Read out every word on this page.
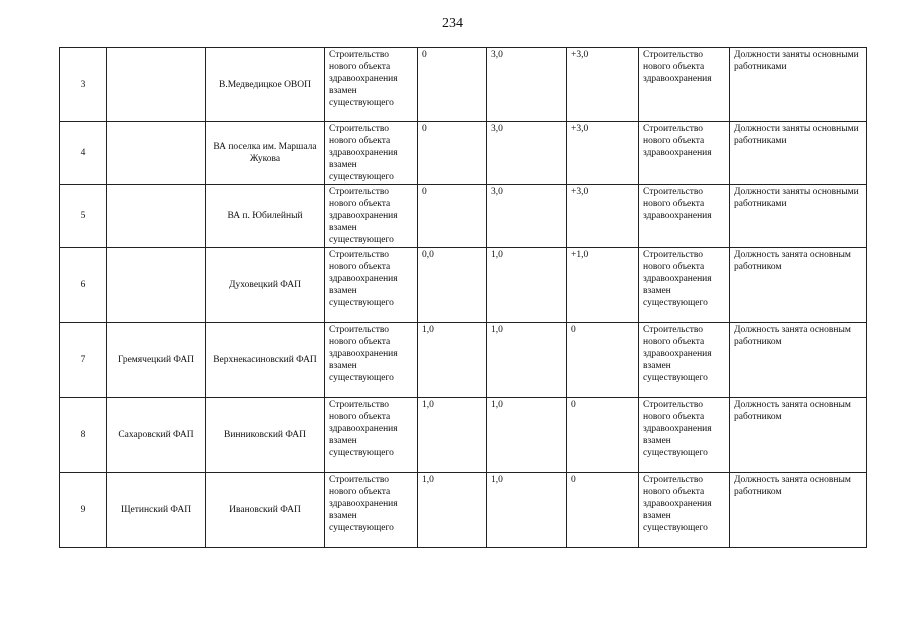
234
3		В.Медведицкое ОВОП	Строительство нового объекта здравоохранения взамен существующего	0	3,0	+3,0	Строительство нового объекта здравоохранения	Должности заняты основными работниками
4		ВА поселка им. Маршала Жукова	Строительство нового объекта здравоохранения взамен существующего	0	3,0	+3,0	Строительство нового объекта здравоохранения	Должности заняты основными работниками
5		ВА п. Юбилейный	Строительство нового объекта здравоохранения взамен существующего	0	3,0	+3,0	Строительство нового объекта здравоохранения	Должности заняты основными работниками
6		Духовецкий ФАП	Строительство нового объекта здравоохранения взамен существующего	0,0	1,0	+1,0	Строительство нового объекта здравоохранения взамен существующего	Должность занята основным работником
7	Гремячецкий ФАП	Верхнекасиновский ФАП	Строительство нового объекта здравоохранения взамен существующего	1,0	1,0	0	Строительство нового объекта здравоохранения взамен существующего	Должность занята основным работником
8	Сахаровский ФАП	Винниковский ФАП	Строительство нового объекта здравоохранения взамен существующего	1,0	1,0	0	Строительство нового объекта здравоохранения взамен существующего	Должность занята основным работником
9	Щетинский ФАП	Ивановский ФАП	Строительство нового объекта здравоохранения взамен существующего	1,0	1,0	0	Строительство нового объекта здравоохранения взамен существующего	Должность занята основным работником
